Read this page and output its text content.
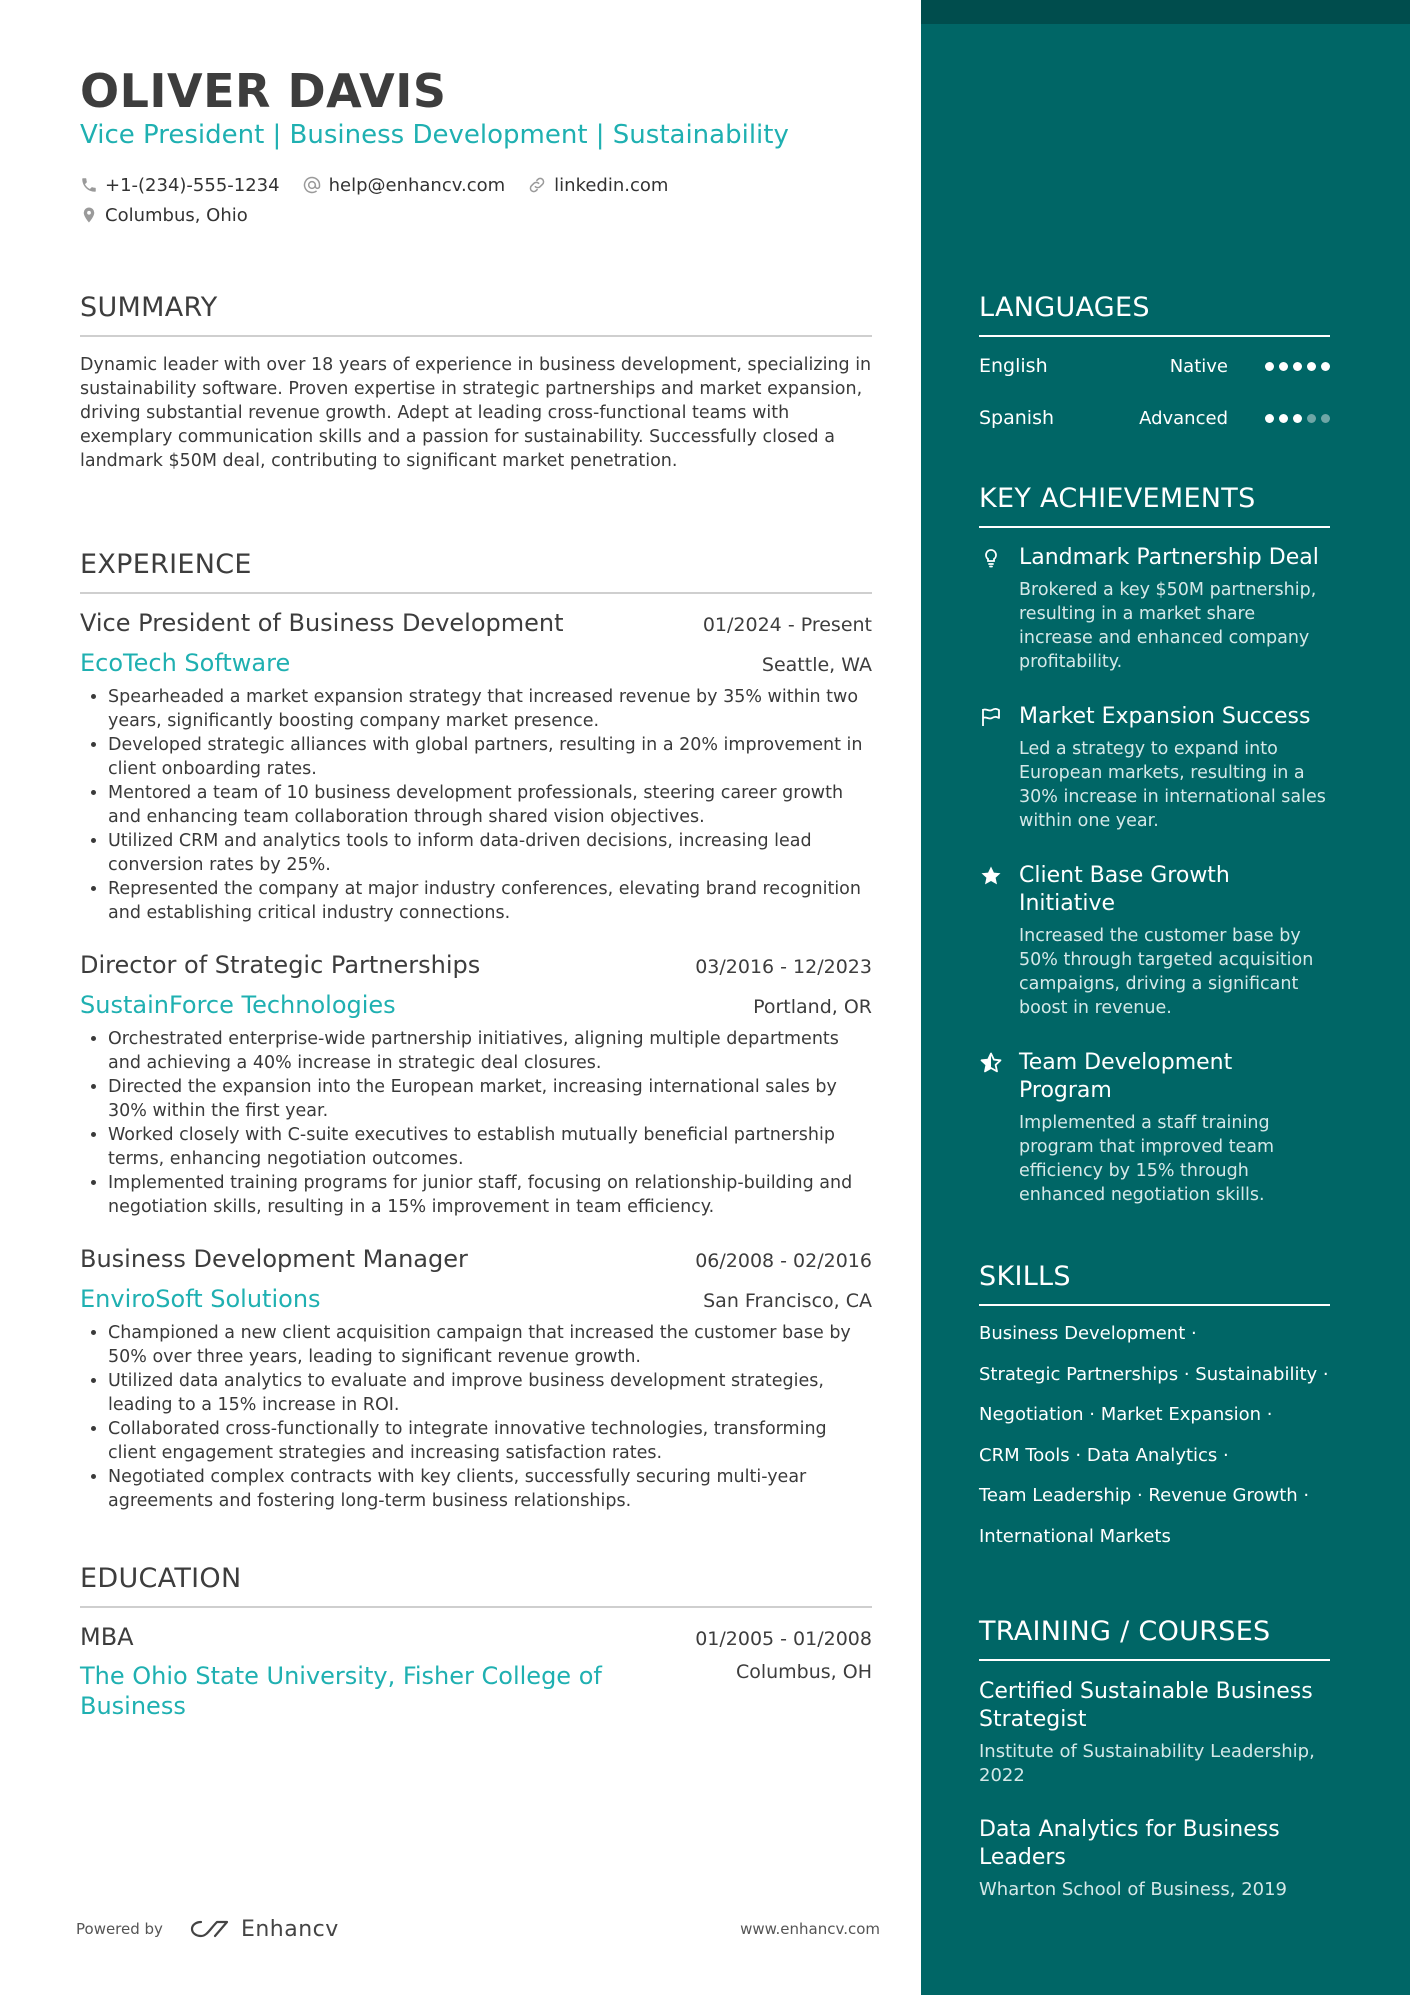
OLIVER DAVIS
Vice President | Business Development | Sustainability
+1-(234)-555-1234	help@enhancv.com	linkedin.com
Columbus, Ohio
SUMMARY
Dynamic leader with over 18 years of experience in business development, specializing in sustainability software. Proven expertise in strategic partnerships and market expansion, driving substantial revenue growth. Adept at leading cross-functional teams with exemplary communication skills and a passion for sustainability. Successfully closed a landmark $50M deal, contributing to significant market penetration.
EXPERIENCE
Vice President of Business Development	01/2024 - Present
EcoTech Software	Seattle, WA
• Spearheaded a market expansion strategy that increased revenue by 35% within two years, significantly boosting company market presence.
• Developed strategic alliances with global partners, resulting in a 20% improvement in client onboarding rates.
• Mentored a team of 10 business development professionals, steering career growth and enhancing team collaboration through shared vision objectives.
• Utilized CRM and analytics tools to inform data-driven decisions, increasing lead conversion rates by 25%.
• Represented the company at major industry conferences, elevating brand recognition and establishing critical industry connections.
Director of Strategic Partnerships	03/2016 - 12/2023
SustainForce Technologies	Portland, OR
• Orchestrated enterprise-wide partnership initiatives, aligning multiple departments and achieving a 40% increase in strategic deal closures.
• Directed the expansion into the European market, increasing international sales by 30% within the first year.
• Worked closely with C-suite executives to establish mutually beneficial partnership terms, enhancing negotiation outcomes.
• Implemented training programs for junior staff, focusing on relationship-building and negotiation skills, resulting in a 15% improvement in team efficiency.
Business Development Manager	06/2008 - 02/2016
EnviroSoft Solutions	San Francisco, CA
• Championed a new client acquisition campaign that increased the customer base by 50% over three years, leading to significant revenue growth.
• Utilized data analytics to evaluate and improve business development strategies, leading to a 15% increase in ROI.
• Collaborated cross-functionally to integrate innovative technologies, transforming client engagement strategies and increasing satisfaction rates.
• Negotiated complex contracts with key clients, successfully securing multi-year agreements and fostering long-term business relationships.
EDUCATION
MBA	01/2005 - 01/2008
The Ohio State University, Fisher College of Business
Columbus, OH
Powered by	Enhancv	www.enhancv.com
LANGUAGES
English	Native
Spanish	Advanced
KEY ACHIEVEMENTS
Landmark Partnership Deal
Brokered a key $50M partnership, resulting in a market share increase and enhanced company profitability.
Market Expansion Success
Led a strategy to expand into European markets, resulting in a 30% increase in international sales within one year.
Client Base Growth Initiative
Increased the customer base by 50% through targeted acquisition campaigns, driving a significant boost in revenue.
Team Development Program
Implemented a staff training program that improved team efficiency by 15% through enhanced negotiation skills.
SKILLS
Business Development ·
Strategic Partnerships · Sustainability ·
Negotiation · Market Expansion ·
CRM Tools · Data Analytics ·
Team Leadership · Revenue Growth ·
International Markets
TRAINING / COURSES
Certified Sustainable Business Strategist
Institute of Sustainability Leadership, 2022
Data Analytics for Business Leaders
Wharton School of Business, 2019
